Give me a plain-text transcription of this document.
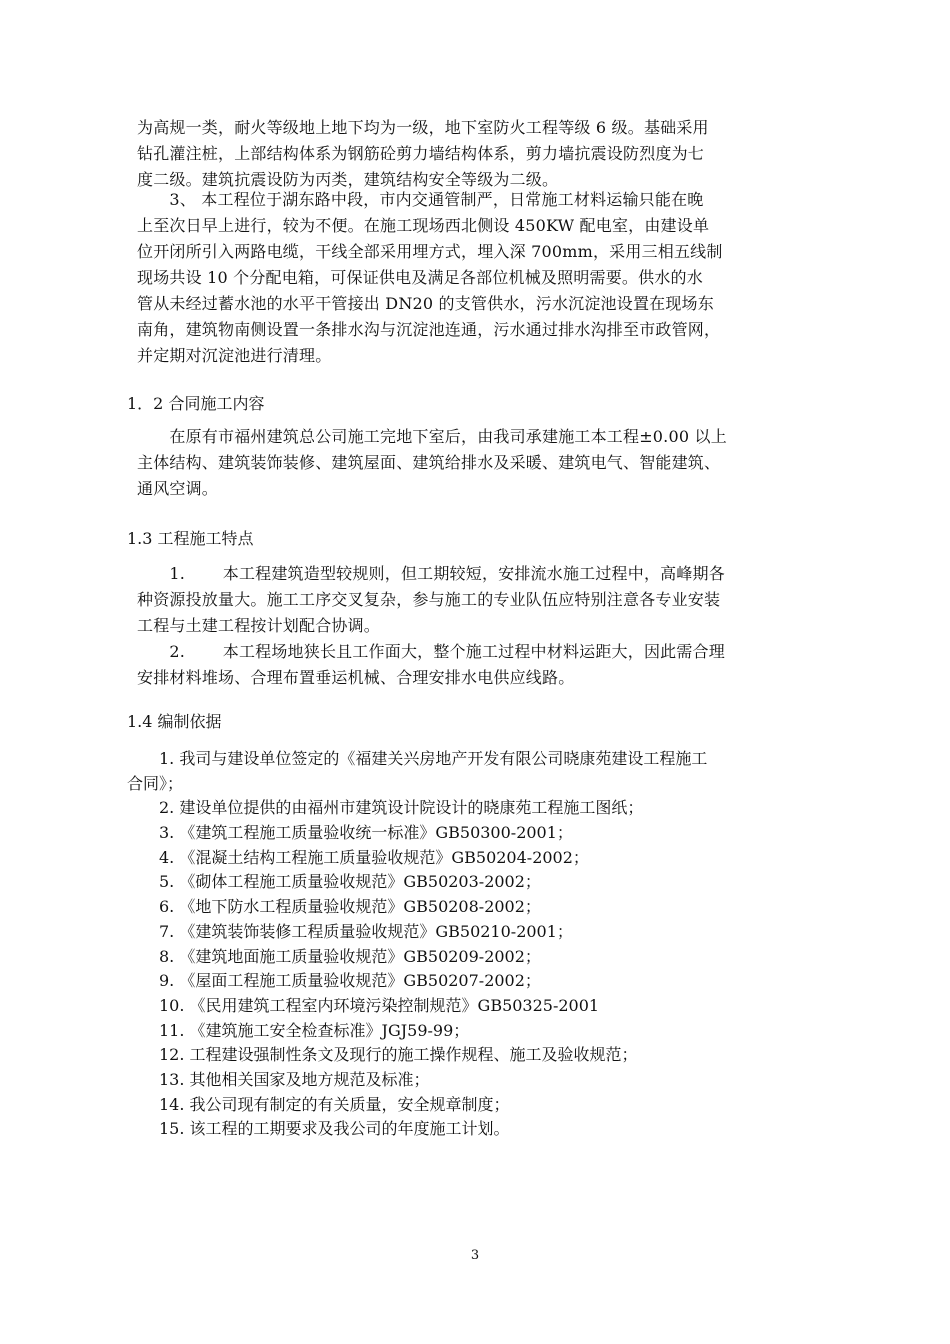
为高规一类，耐火等级地上地下均为一级，地下室防火工程等级 6 级。基础采用
钻孔灌注桩，上部结构体系为钢筋砼剪力墙结构体系，剪力墙抗震设防烈度为七
度二级。建筑抗震设防为丙类，建筑结构安全等级为二级。
　　3、 本工程位于湖东路中段，市内交通管制严，日常施工材料运输只能在晚
上至次日早上进行，较为不便。在施工现场西北侧设 450KW 配电室，由建设单
位开闭所引入两路电缆，干线全部采用埋方式，埋入深 700mm，采用三相五线制
现场共设 10 个分配电箱，可保证供电及满足各部位机械及照明需要。供水的水
管从未经过蓄水池的水平干管接出 DN20 的支管供水，污水沉淀池设置在现场东
南角，建筑物南侧设置一条排水沟与沉淀池连通，污水通过排水沟排至市政管网，
并定期对沉淀池进行清理。
1．2 合同施工内容
　　在原有市福州建筑总公司施工完地下室后，由我司承建施工本工程±0.00 以上
主体结构、建筑装饰装修、建筑屋面、建筑给排水及采暖、建筑电气、智能建筑、
通风空调。
1.3 工程施工特点
　　1.　　 本工程建筑造型较规则，但工期较短，安排流水施工过程中，高峰期各
种资源投放量大。施工工序交叉复杂，参与施工的专业队伍应特别注意各专业安装
工程与土建工程按计划配合协调。
　　2.　　 本工程场地狭长且工作面大，整个施工过程中材料运距大，因此需合理
安排材料堆场、合理布置垂运机械、合理安排水电供应线路。
1.4 编制依据
　　1. 我司与建设单位签定的《福建关兴房地产开发有限公司晓康苑建设工程施工
合同》；
　　2. 建设单位提供的由福州市建筑设计院设计的晓康苑工程施工图纸；
　　3. 《建筑工程施工质量验收统一标准》GB50300-2001；
　　4. 《混凝土结构工程施工质量验收规范》GB50204-2002；
　　5. 《砌体工程施工质量验收规范》GB50203-2002；
　　6. 《地下防水工程质量验收规范》GB50208-2002；
　　7. 《建筑装饰装修工程质量验收规范》GB50210-2001；
　　8. 《建筑地面施工质量验收规范》GB50209-2002；
　　9. 《屋面工程施工质量验收规范》GB50207-2002；
　　10. 《民用建筑工程室内环境污染控制规范》GB50325-2001
　　11. 《建筑施工安全检查标准》JGJ59-99；
　　12. 工程建设强制性条文及现行的施工操作规程、施工及验收规范；
　　13. 其他相关国家及地方规范及标准；
　　14. 我公司现有制定的有关质量，安全规章制度；
　　15. 该工程的工期要求及我公司的年度施工计划。
3
